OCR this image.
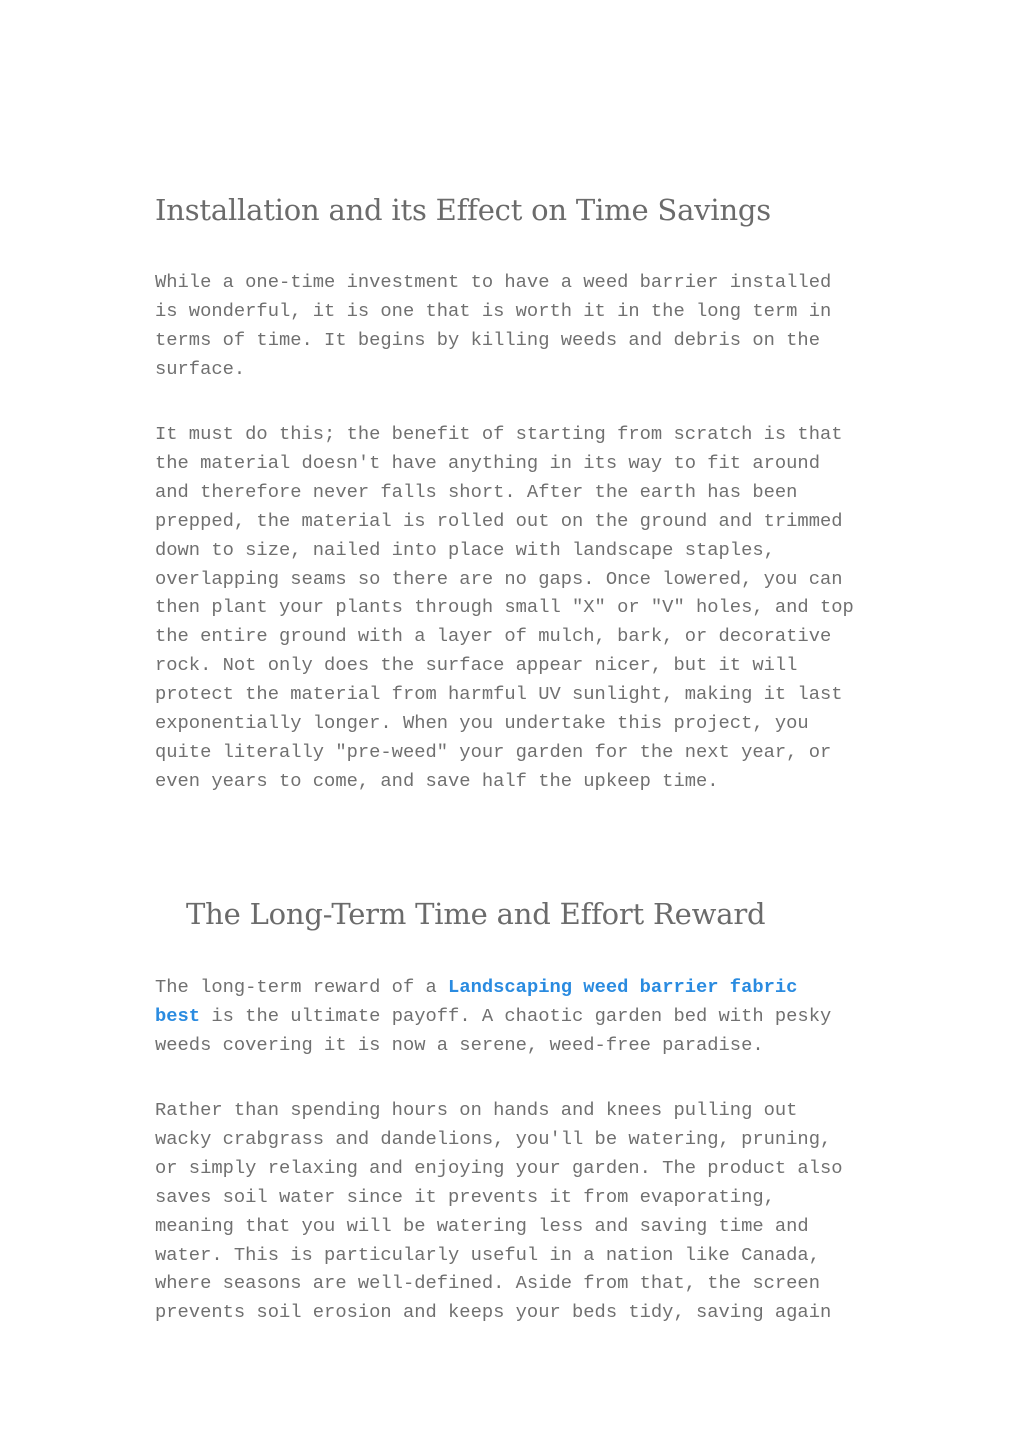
Installation and its Effect on Time Savings

While a one-time investment to have a weed barrier installed
is wonderful, it is one that is worth it in the long term in
terms of time. It begins by killing weeds and debris on the
surface.

It must do this; the benefit of starting from scratch is that
the material doesn't have anything in its way to fit around
and therefore never falls short. After the earth has been
prepped, the material is rolled out on the ground and trimmed
down to size, nailed into place with landscape staples,
overlapping seams so there are no gaps. Once lowered, you can
then plant your plants through small "X" or "V" holes, and top
the entire ground with a layer of mulch, bark, or decorative
rock. Not only does the surface appear nicer, but it will
protect the material from harmful UV sunlight, making it last
exponentially longer. When you undertake this project, you
quite literally "pre-weed" your garden for the next year, or
even years to come, and save half the upkeep time.

The Long-Term Time and Effort Reward

The long-term reward of a Landscaping weed barrier fabric
best is the ultimate payoff. A chaotic garden bed with pesky
weeds covering it is now a serene, weed-free paradise.

Rather than spending hours on hands and knees pulling out
wacky crabgrass and dandelions, you'll be watering, pruning,
or simply relaxing and enjoying your garden. The product also
saves soil water since it prevents it from evaporating,
meaning that you will be watering less and saving time and
water. This is particularly useful in a nation like Canada,
where seasons are well-defined. Aside from that, the screen
prevents soil erosion and keeps your beds tidy, saving again
